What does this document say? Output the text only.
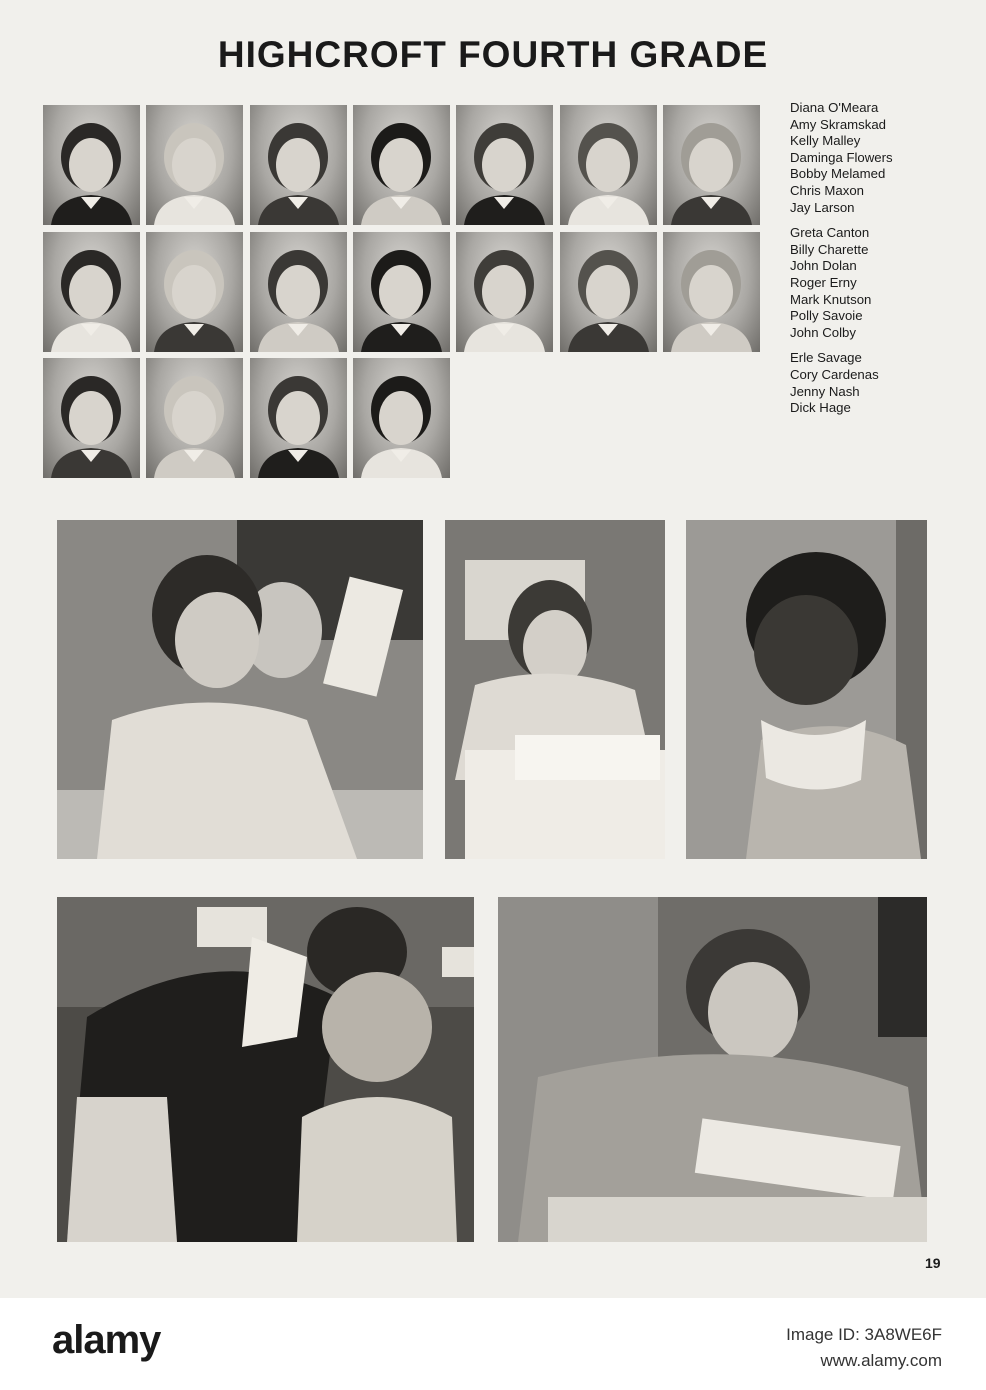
HIGHCROFT FOURTH GRADE
Diana O'Meara
Amy Skramskad
Kelly Malley
Daminga Flowers
Bobby Melamed
Chris Maxon
Jay Larson
Greta Canton
Billy Charette
John Dolan
Roger Erny
Mark Knutson
Polly Savoie
John Colby
Erle Savage
Cory Cardenas
Jenny Nash
Dick Hage
19
alamy	Image ID: 3A8WE6F
www.alamy.com
